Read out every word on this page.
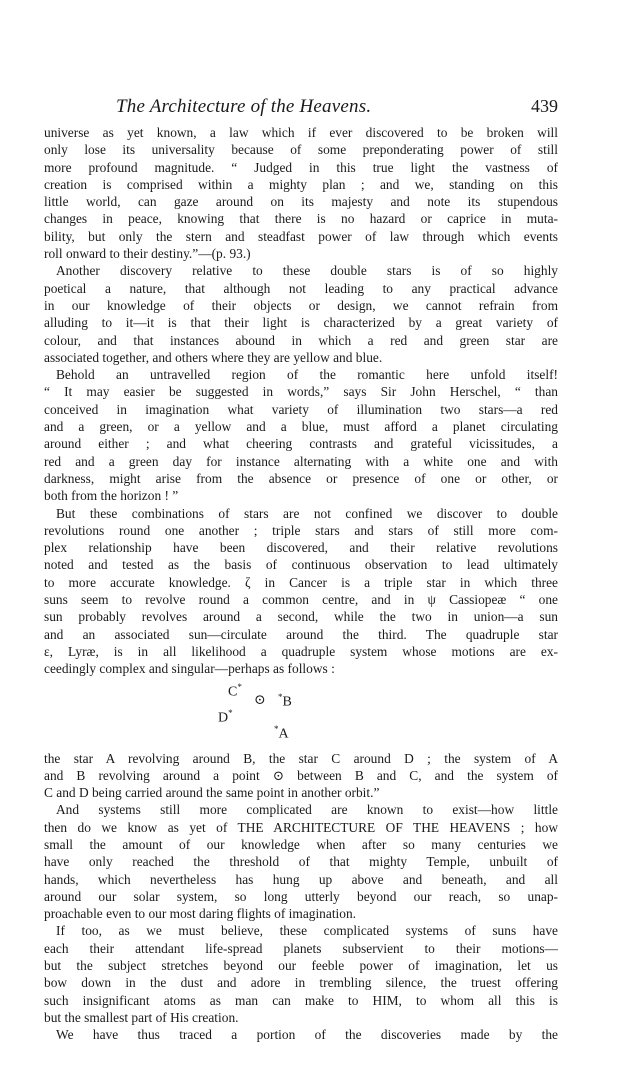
The Architecture of the Heavens.	439
universe as yet known, a law which if ever discovered to be broken will
only lose its universality because of some preponderating power of still
more profound magnitude. “ Judged in this true light the vastness of
creation is comprised within a mighty plan ; and we, standing on this
little world, can gaze around on its majesty and note its stupendous
changes in peace, knowing that there is no hazard or caprice in muta-
bility, but only the stern and steadfast power of law through which events
roll onward to their destiny.”—(p. 93.)
Another discovery relative to these double stars is of so highly
poetical a nature, that although not leading to any practical advance
in our knowledge of their objects or design, we cannot refrain from
alluding to it—it is that their light is characterized by a great variety of
colour, and that instances abound in which a red and green star are
associated together, and others where they are yellow and blue.
Behold an untravelled region of the romantic here unfold itself!
“ It may easier be suggested in words,” says Sir John Herschel, “ than
conceived in imagination what variety of illumination two stars—a red
and a green, or a yellow and a blue, must afford a planet circulating
around either ; and what cheering contrasts and grateful vicissitudes, a
red and a green day for instance alternating with a white one and with
darkness, might arise from the absence or presence of one or other, or
both from the horizon ! ”
But these combinations of stars are not confined we discover to double
revolutions round one another ; triple stars and stars of still more com-
plex relationship have been discovered, and their relative revolutions
noted and tested as the basis of continuous observation to lead ultimately
to more accurate knowledge. ζ in Cancer is a triple star in which three
suns seem to revolve round a common centre, and in ψ Cassiopeæ “ one
sun probably revolves around a second, while the two in union—a sun
and an associated sun—circulate around the third. The quadruple star
ε, Lyræ, is in all likelihood a quadruple system whose motions are ex-
ceedingly complex and singular—perhaps as follows :
C*
⊙ *B
D*
*A
the star A revolving around B, the star C around D ; the system of A
and B revolving around a point ⊙ between B and C, and the system of
C and D being carried around the same point in another orbit.”
And systems still more complicated are known to exist—how little
then do we know as yet of THE ARCHITECTURE OF THE HEAVENS ; how
small the amount of our knowledge when after so many centuries we
have only reached the threshold of that mighty Temple, unbuilt of
hands, which nevertheless has hung up above and beneath, and all
around our solar system, so long utterly beyond our reach, so unap-
proachable even to our most daring flights of imagination.
If too, as we must believe, these complicated systems of suns have
each their attendant life-spread planets subservient to their motions—
but the subject stretches beyond our feeble power of imagination, let us
bow down in the dust and adore in trembling silence, the truest offering
such insignificant atoms as man can make to HIM, to whom all this is
but the smallest part of His creation.
We have thus traced a portion of the discoveries made by the
